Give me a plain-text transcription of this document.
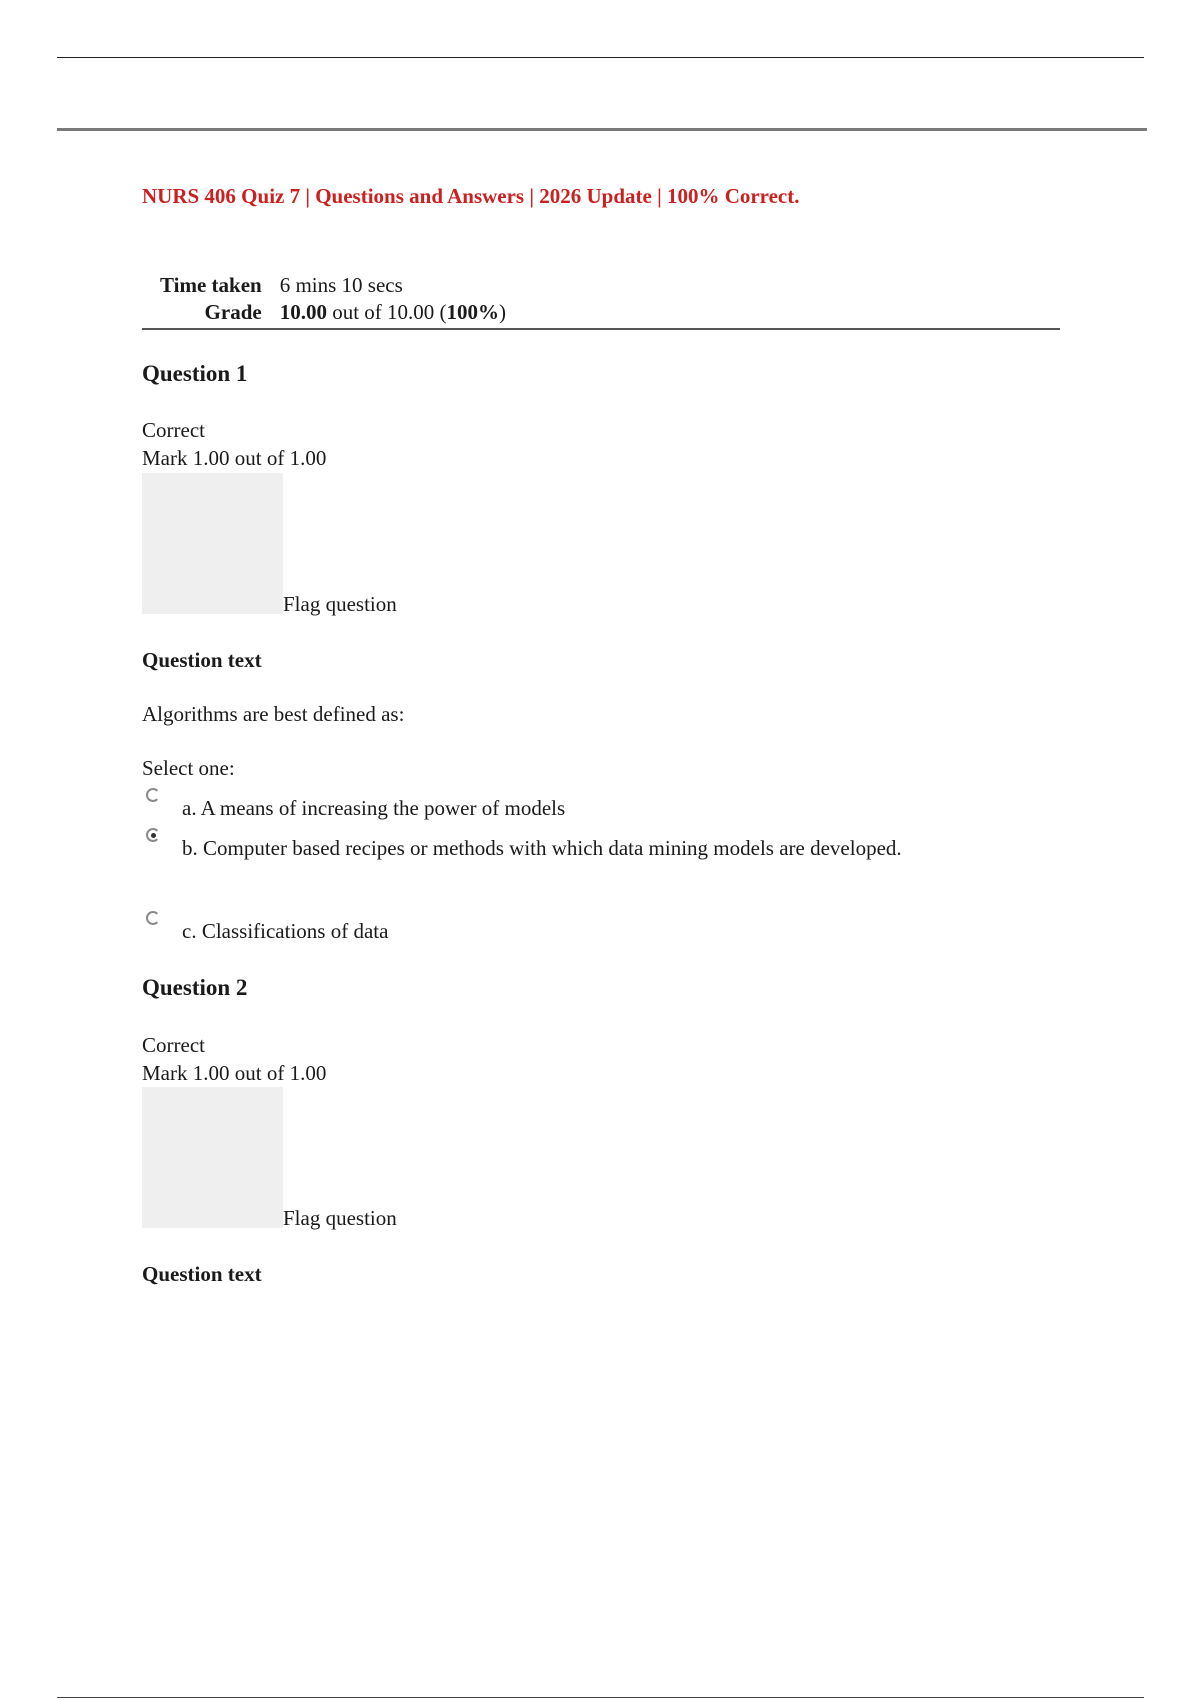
NURS 406 Quiz 7 | Questions and Answers | 2026 Update | 100% Correct.
Time taken	6 mins 10 secs
Grade	10.00 out of 10.00 (100%)
Question 1
Correct
Mark 1.00 out of 1.00
Flag question
Question text
Algorithms are best defined as:
Select one:
a. A means of increasing the power of models
b. Computer based recipes or methods with which data mining models are developed.
c. Classifications of data
Question 2
Correct
Mark 1.00 out of 1.00
Flag question
Question text
